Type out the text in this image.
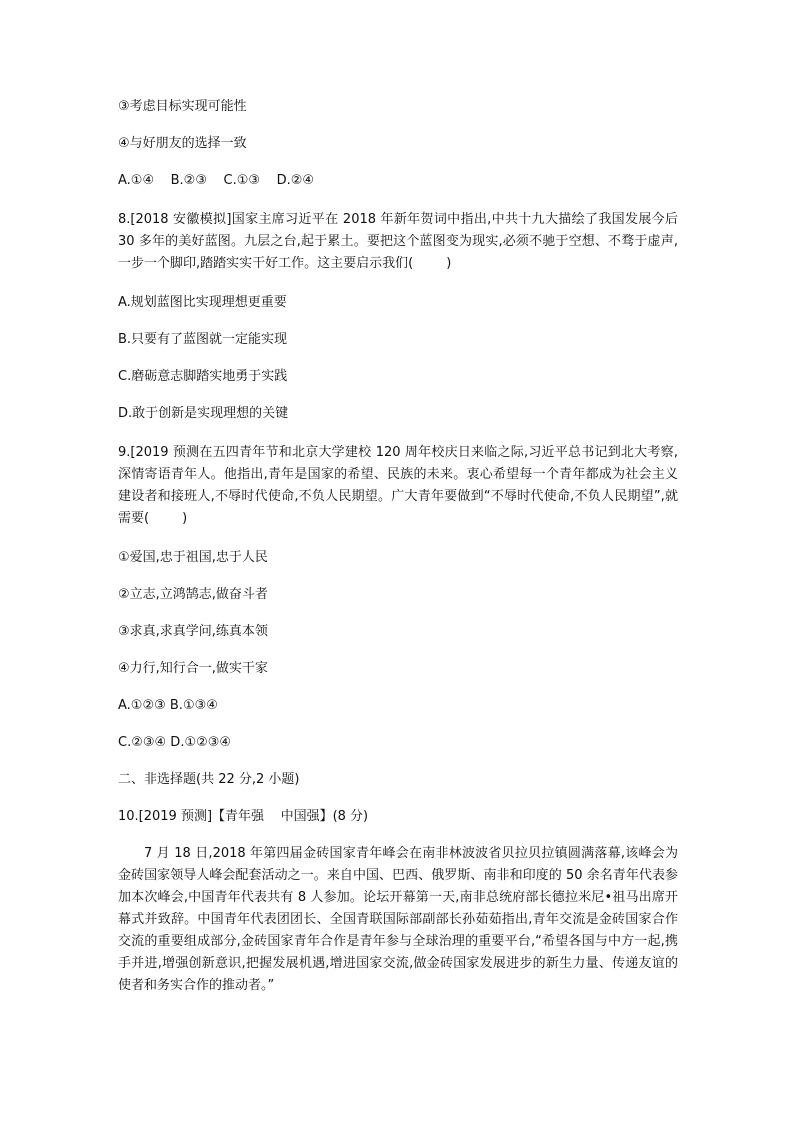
③考虑目标实现可能性

④与好朋友的选择一致

A.①④    B.②③    C.①③    D.②④

8.[2018 安徽模拟]国家主席习近平在 2018 年新年贺词中指出,中共十九大描绘了我国发展今后 30 多年的美好蓝图。九层之台,起于累土。要把这个蓝图变为现实,必须不驰于空想、不骛于虚声,一步一个脚印,踏踏实实干好工作。这主要启示我们(        )

A.规划蓝图比实现理想更重要

B.只要有了蓝图就一定能实现

C.磨砺意志脚踏实地勇于实践

D.敢于创新是实现理想的关键

9.[2019 预测在五四青年节和北京大学建校 120 周年校庆日来临之际,习近平总书记到北大考察,深情寄语青年人。他指出,青年是国家的希望、民族的未来。衷心希望每一个青年都成为社会主义建设者和接班人,不辱时代使命,不负人民期望。广大青年要做到“不辱时代使命,不负人民期望”,就需要(        )

①爱国,忠于祖国,忠于人民

②立志,立鸿鹄志,做奋斗者

③求真,求真学问,练真本领

④力行,知行合一,做实干家

A.①②③ B.①③④

C.②③④ D.①②③④

二、非选择题(共 22 分,2 小题)

10.[2019 预测]【青年强    中国强】(8 分)

7 月 18 日,2018 年第四届金砖国家青年峰会在南非林波波省贝拉贝拉镇圆满落幕,该峰会为金砖国家领导人峰会配套活动之一。来自中国、巴西、俄罗斯、南非和印度的 50 余名青年代表参加本次峰会,中国青年代表共有 8 人参加。论坛开幕第一天,南非总统府部长德拉米尼•祖马出席开幕式并致辞。中国青年代表团团长、全国青联国际部副部长孙茹茹指出,青年交流是金砖国家合作交流的重要组成部分,金砖国家青年合作是青年参与全球治理的重要平台,“希望各国与中方一起,携手并进,增强创新意识,把握发展机遇,增进国家交流,做金砖国家发展进步的新生力量、传递友谊的使者和务实合作的推动者。”
